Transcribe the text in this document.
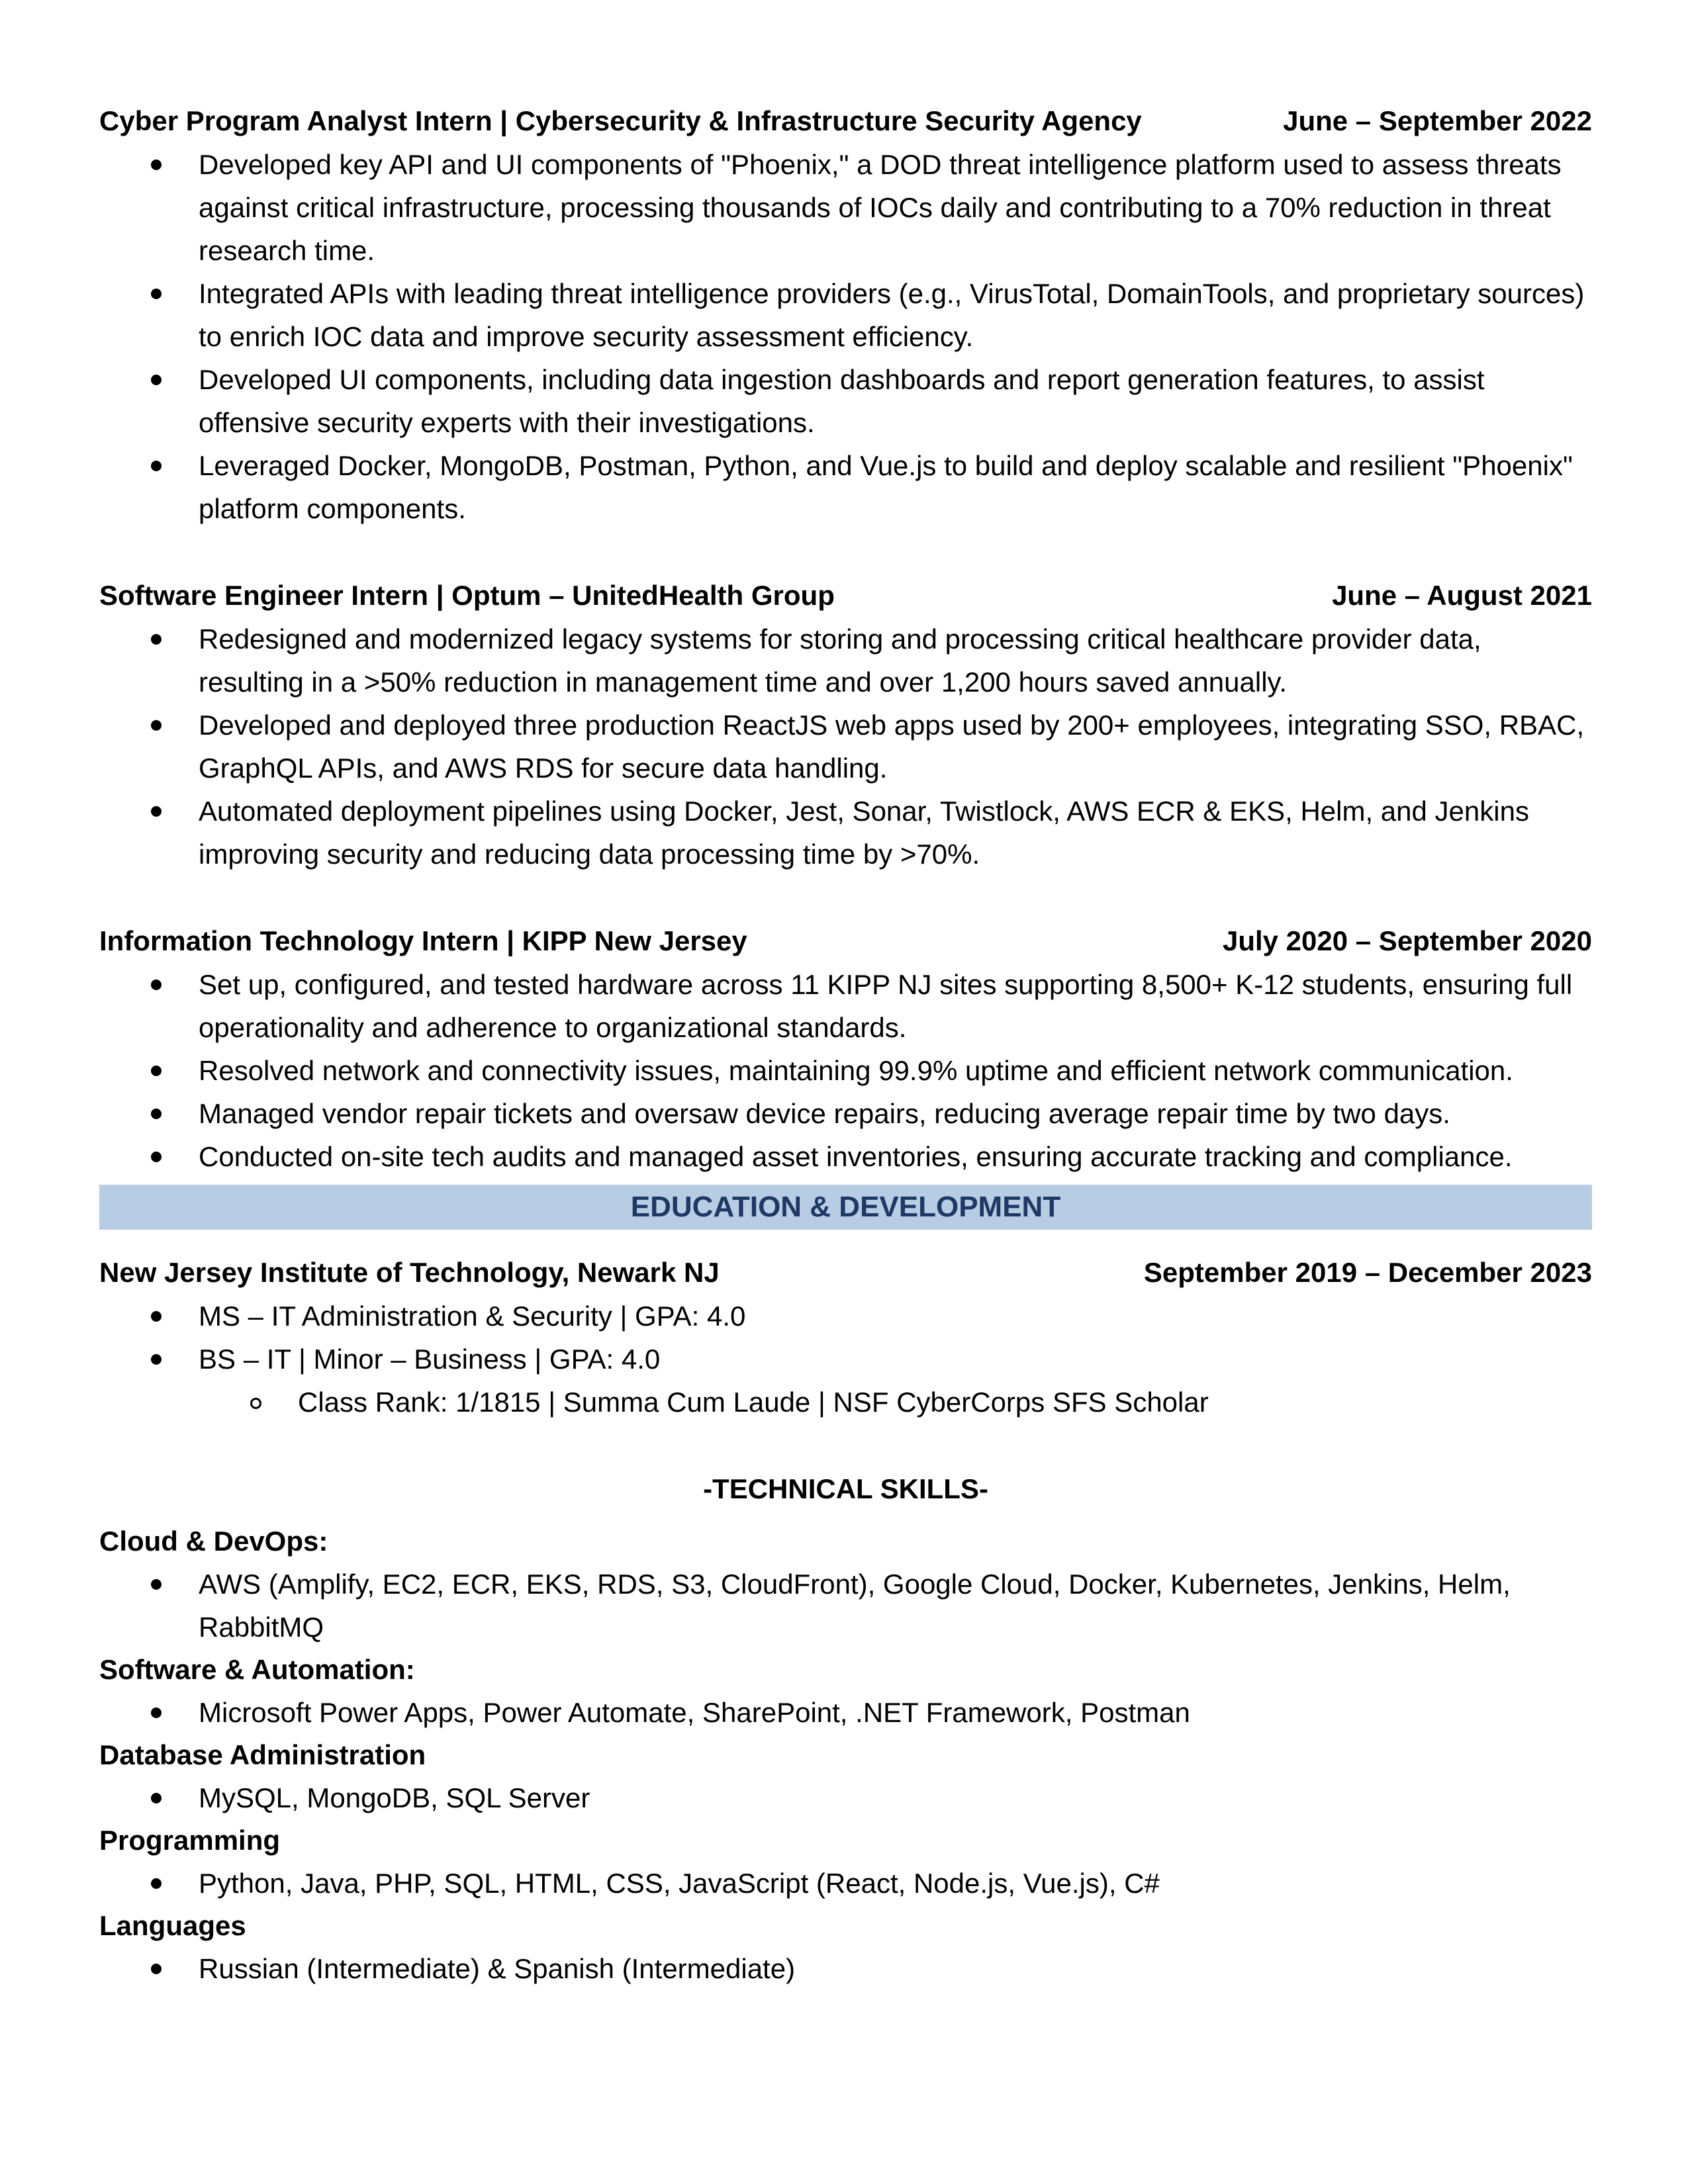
Cyber Program Analyst Intern | Cybersecurity & Infrastructure Security Agency	June – September 2022
Developed key API and UI components of "Phoenix," a DOD threat intelligence platform used to assess threats against critical infrastructure, processing thousands of IOCs daily and contributing to a 70% reduction in threat research time.
Integrated APIs with leading threat intelligence providers (e.g., VirusTotal, DomainTools, and proprietary sources) to enrich IOC data and improve security assessment efficiency.
Developed UI components, including data ingestion dashboards and report generation features, to assist offensive security experts with their investigations.
Leveraged Docker, MongoDB, Postman, Python, and Vue.js to build and deploy scalable and resilient "Phoenix" platform components.
Software Engineer Intern | Optum – UnitedHealth Group	June – August 2021
Redesigned and modernized legacy systems for storing and processing critical healthcare provider data, resulting in a >50% reduction in management time and over 1,200 hours saved annually.
Developed and deployed three production ReactJS web apps used by 200+ employees, integrating SSO, RBAC, GraphQL APIs, and AWS RDS for secure data handling.
Automated deployment pipelines using Docker, Jest, Sonar, Twistlock, AWS ECR & EKS, Helm, and Jenkins improving security and reducing data processing time by >70%.
Information Technology Intern | KIPP New Jersey	July 2020 – September 2020
Set up, configured, and tested hardware across 11 KIPP NJ sites supporting 8,500+ K-12 students, ensuring full operationality and adherence to organizational standards.
Resolved network and connectivity issues, maintaining 99.9% uptime and efficient network communication.
Managed vendor repair tickets and oversaw device repairs, reducing average repair time by two days.
Conducted on-site tech audits and managed asset inventories, ensuring accurate tracking and compliance.
EDUCATION & DEVELOPMENT
New Jersey Institute of Technology, Newark NJ	September 2019 – December 2023
MS – IT Administration & Security | GPA: 4.0
BS – IT | Minor – Business | GPA: 4.0
Class Rank: 1/1815 | Summa Cum Laude | NSF CyberCorps SFS Scholar
-TECHNICAL SKILLS-
Cloud & DevOps:
AWS (Amplify, EC2, ECR, EKS, RDS, S3, CloudFront), Google Cloud, Docker, Kubernetes, Jenkins, Helm, RabbitMQ
Software & Automation:
Microsoft Power Apps, Power Automate, SharePoint, .NET Framework, Postman
Database Administration
MySQL, MongoDB, SQL Server
Programming
Python, Java, PHP, SQL, HTML, CSS, JavaScript (React, Node.js, Vue.js), C#
Languages
Russian (Intermediate) & Spanish (Intermediate)
